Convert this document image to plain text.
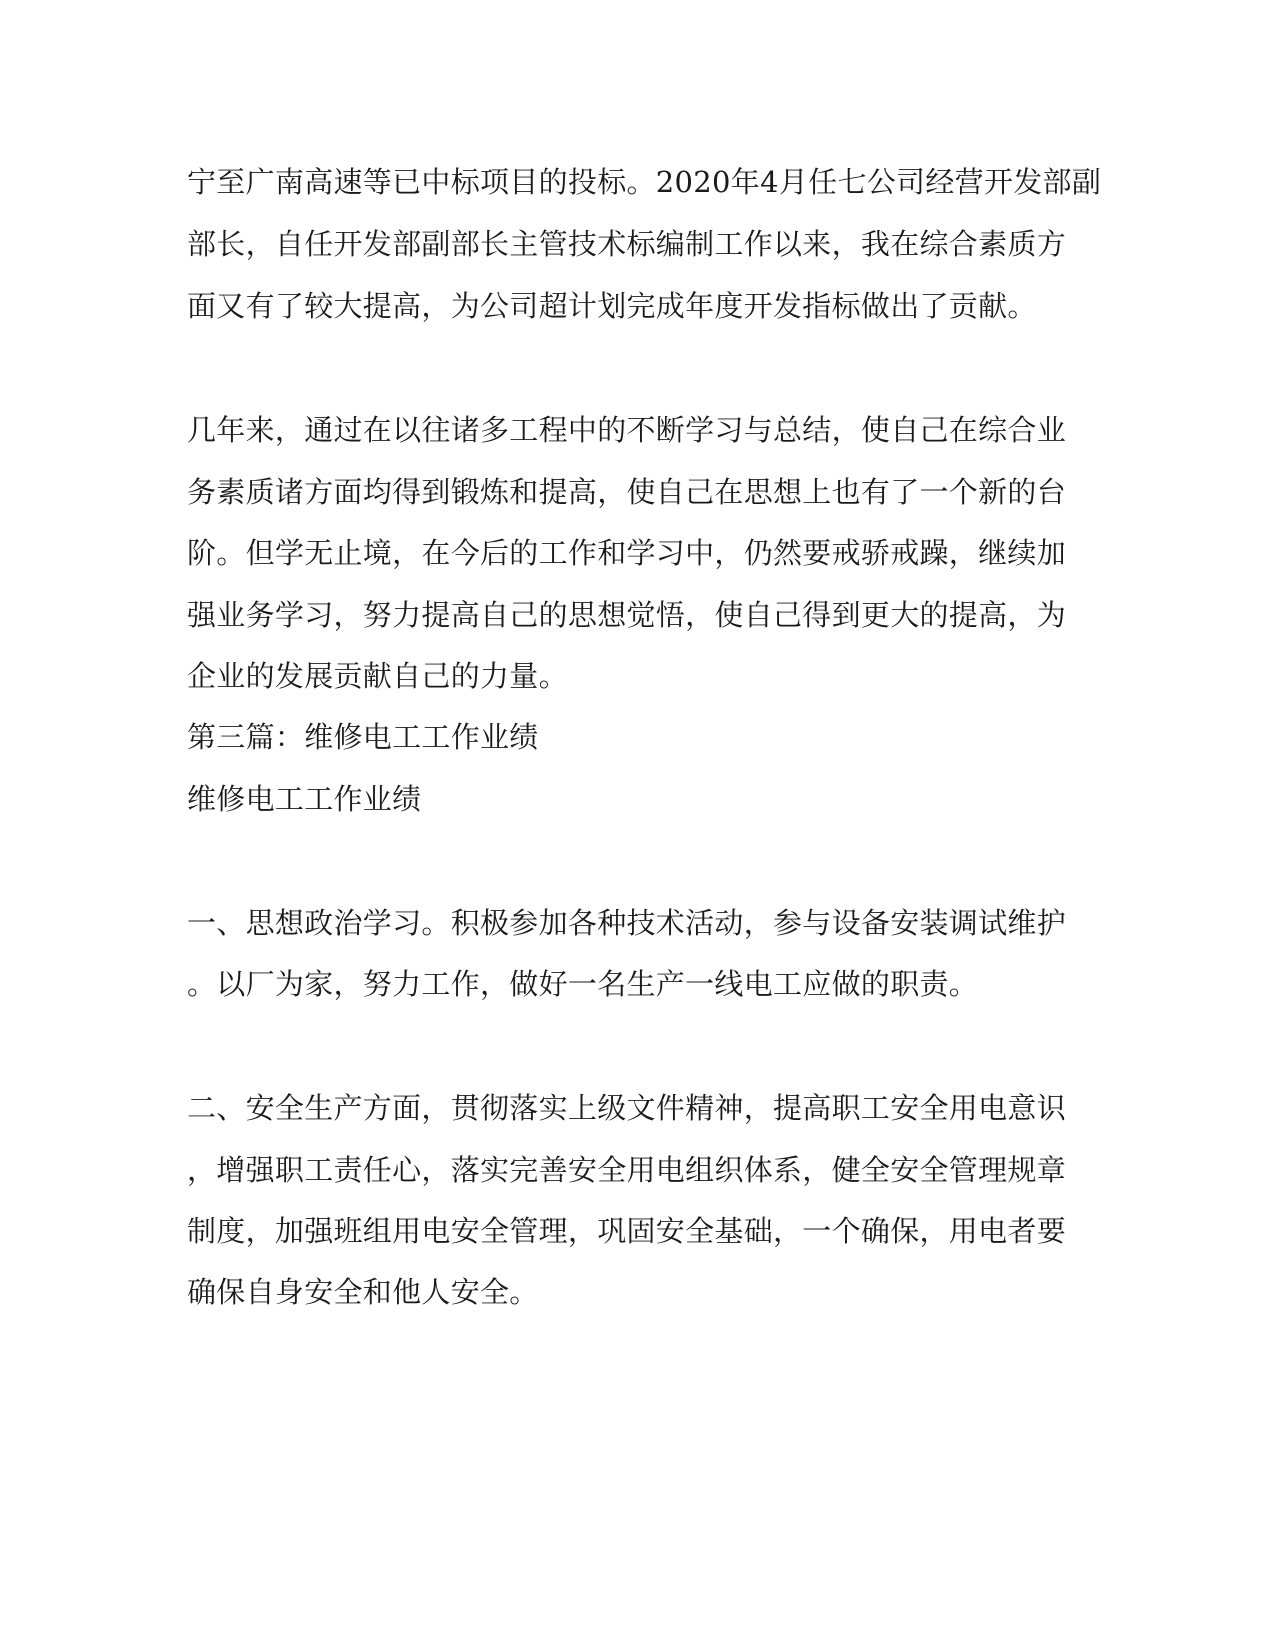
宁至广南高速等已中标项目的投标。2020年4月任七公司经营开发部副
部长，自任开发部副部长主管技术标编制工作以来，我在综合素质方
面又有了较大提高，为公司超计划完成年度开发指标做出了贡献。
几年来，通过在以往诸多工程中的不断学习与总结，使自己在综合业
务素质诸方面均得到锻炼和提高，使自己在思想上也有了一个新的台
阶。但学无止境，在今后的工作和学习中，仍然要戒骄戒躁，继续加
强业务学习，努力提高自己的思想觉悟，使自己得到更大的提高，为
企业的发展贡献自己的力量。
第三篇：维修电工工作业绩
维修电工工作业绩
一、思想政治学习。积极参加各种技术活动，参与设备安装调试维护
。以厂为家，努力工作，做好一名生产一线电工应做的职责。
二、安全生产方面，贯彻落实上级文件精神，提高职工安全用电意识
，增强职工责任心，落实完善安全用电组织体系，健全安全管理规章
制度，加强班组用电安全管理，巩固安全基础，一个确保，用电者要
确保自身安全和他人安全。
